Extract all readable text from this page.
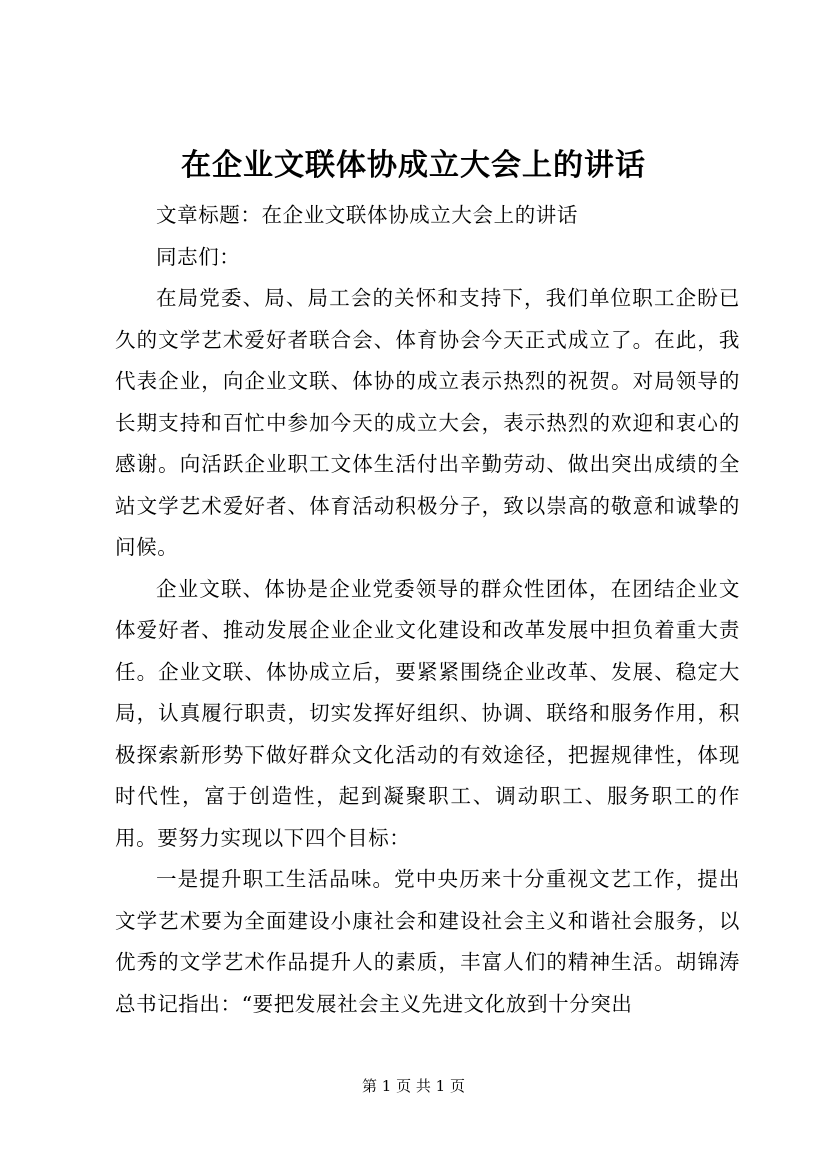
在企业文联体协成立大会上的讲话

文章标题：在企业文联体协成立大会上的讲话

同志们：

在局党委、局、局工会的关怀和支持下，我们单位职工企盼已久的文学艺术爱好者联合会、体育协会今天正式成立了。在此，我代表企业，向企业文联、体协的成立表示热烈的祝贺。对局领导的长期支持和百忙中参加今天的成立大会，表示热烈的欢迎和衷心的感谢。向活跃企业职工文体生活付出辛勤劳动、做出突出成绩的全站文学艺术爱好者、体育活动积极分子，致以崇高的敬意和诚挚的问候。

企业文联、体协是企业党委领导的群众性团体，在团结企业文体爱好者、推动发展企业企业文化建设和改革发展中担负着重大责任。企业文联、体协成立后，要紧紧围绕企业改革、发展、稳定大局，认真履行职责，切实发挥好组织、协调、联络和服务作用，积极探索新形势下做好群众文化活动的有效途径，把握规律性，体现时代性，富于创造性，起到凝聚职工、调动职工、服务职工的作用。要努力实现以下四个目标：

一是提升职工生活品味。党中央历来十分重视文艺工作，提出文学艺术要为全面建设小康社会和建设社会主义和谐社会服务，以优秀的文学艺术作品提升人的素质，丰富人们的精神生活。胡锦涛总书记指出：“要把发展社会主义先进文化放到十分突出

第 1 页 共 1 页
